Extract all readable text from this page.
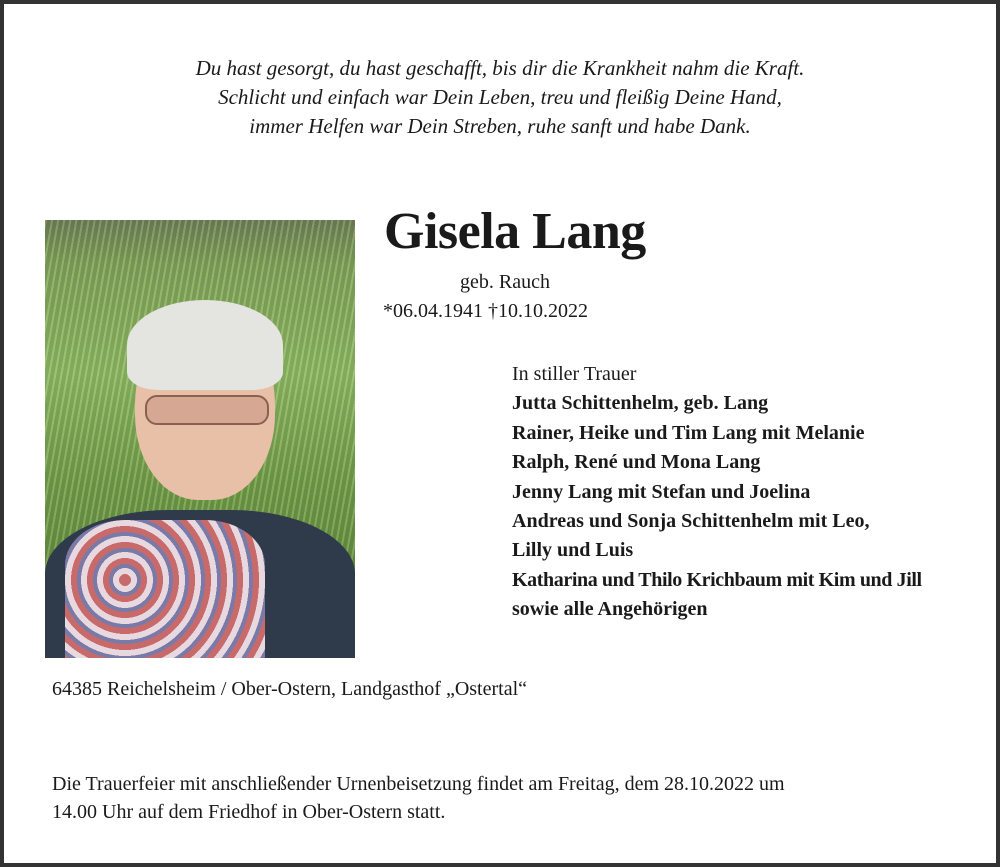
Du hast gesorgt, du hast geschafft, bis dir die Krankheit nahm die Kraft.
Schlicht und einfach war Dein Leben, treu und fleißig Deine Hand,
immer Helfen war Dein Streben, ruhe sanft und habe Dank.
Gisela Lang
geb. Rauch
*06.04.1941 †10.10.2022
In stiller Trauer
Jutta Schittenhelm, geb. Lang
Rainer, Heike und Tim Lang mit Melanie
Ralph, René und Mona Lang
Jenny Lang mit Stefan und Joelina
Andreas und Sonja Schittenhelm mit Leo,
Lilly und Luis
Katharina und Thilo Krichbaum mit Kim und Jill
sowie alle Angehörigen
64385 Reichelsheim / Ober-Ostern, Landgasthof „Ostertal“
Die Trauerfeier mit anschließender Urnenbeisetzung findet am Freitag, dem 28.10.2022 um
14.00 Uhr auf dem Friedhof in Ober-Ostern statt.
